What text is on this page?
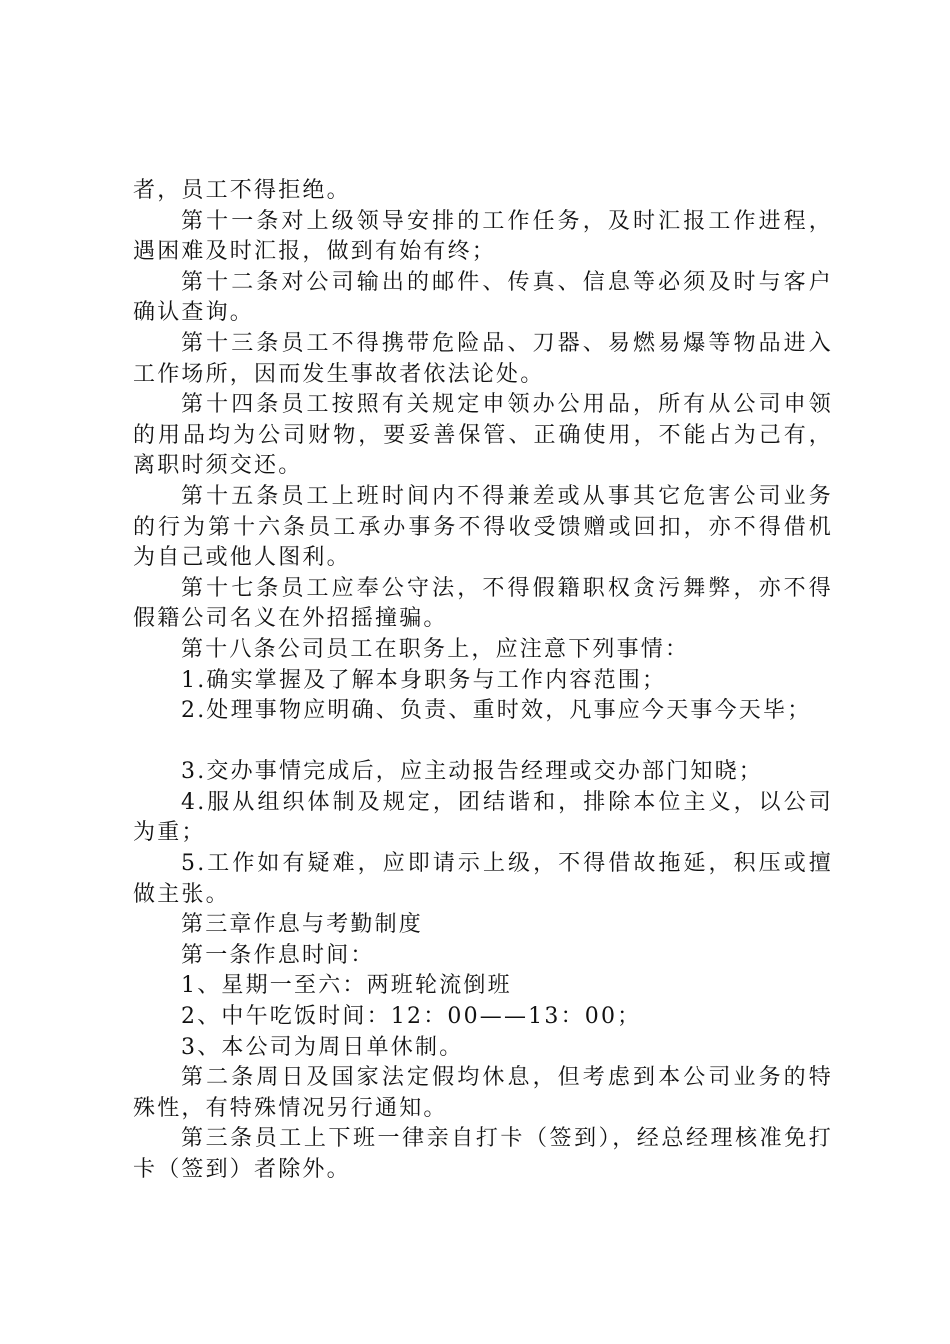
者，员工不得拒绝。

第十一条对上级领导安排的工作任务，及时汇报工作进程，遇困难及时汇报，做到有始有终；

第十二条对公司输出的邮件、传真、信息等必须及时与客户确认查询。

第十三条员工不得携带危险品、刀器、易燃易爆等物品进入工作场所，因而发生事故者依法论处。

第十四条员工按照有关规定申领办公用品，所有从公司申领的用品均为公司财物，要妥善保管、正确使用，不能占为己有，离职时须交还。

第十五条员工上班时间内不得兼差或从事其它危害公司业务的行为第十六条员工承办事务不得收受馈赠或回扣，亦不得借机为自己或他人图利。

第十七条员工应奉公守法，不得假籍职权贪污舞弊，亦不得假籍公司名义在外招摇撞骗。

第十八条公司员工在职务上，应注意下列事情：

1.确实掌握及了解本身职务与工作内容范围；

2.处理事物应明确、负责、重时效，凡事应今天事今天毕；

3.交办事情完成后，应主动报告经理或交办部门知晓；

4.服从组织体制及规定，团结谐和，排除本位主义，以公司为重；

5.工作如有疑难，应即请示上级，不得借故拖延，积压或擅做主张。

第三章作息与考勤制度

第一条作息时间：

1、星期一至六：两班轮流倒班

2、中午吃饭时间：12：00——13：00；

3、本公司为周日单休制。

第二条周日及国家法定假均休息，但考虑到本公司业务的特殊性，有特殊情况另行通知。

第三条员工上下班一律亲自打卡（签到），经总经理核准免打卡（签到）者除外。
